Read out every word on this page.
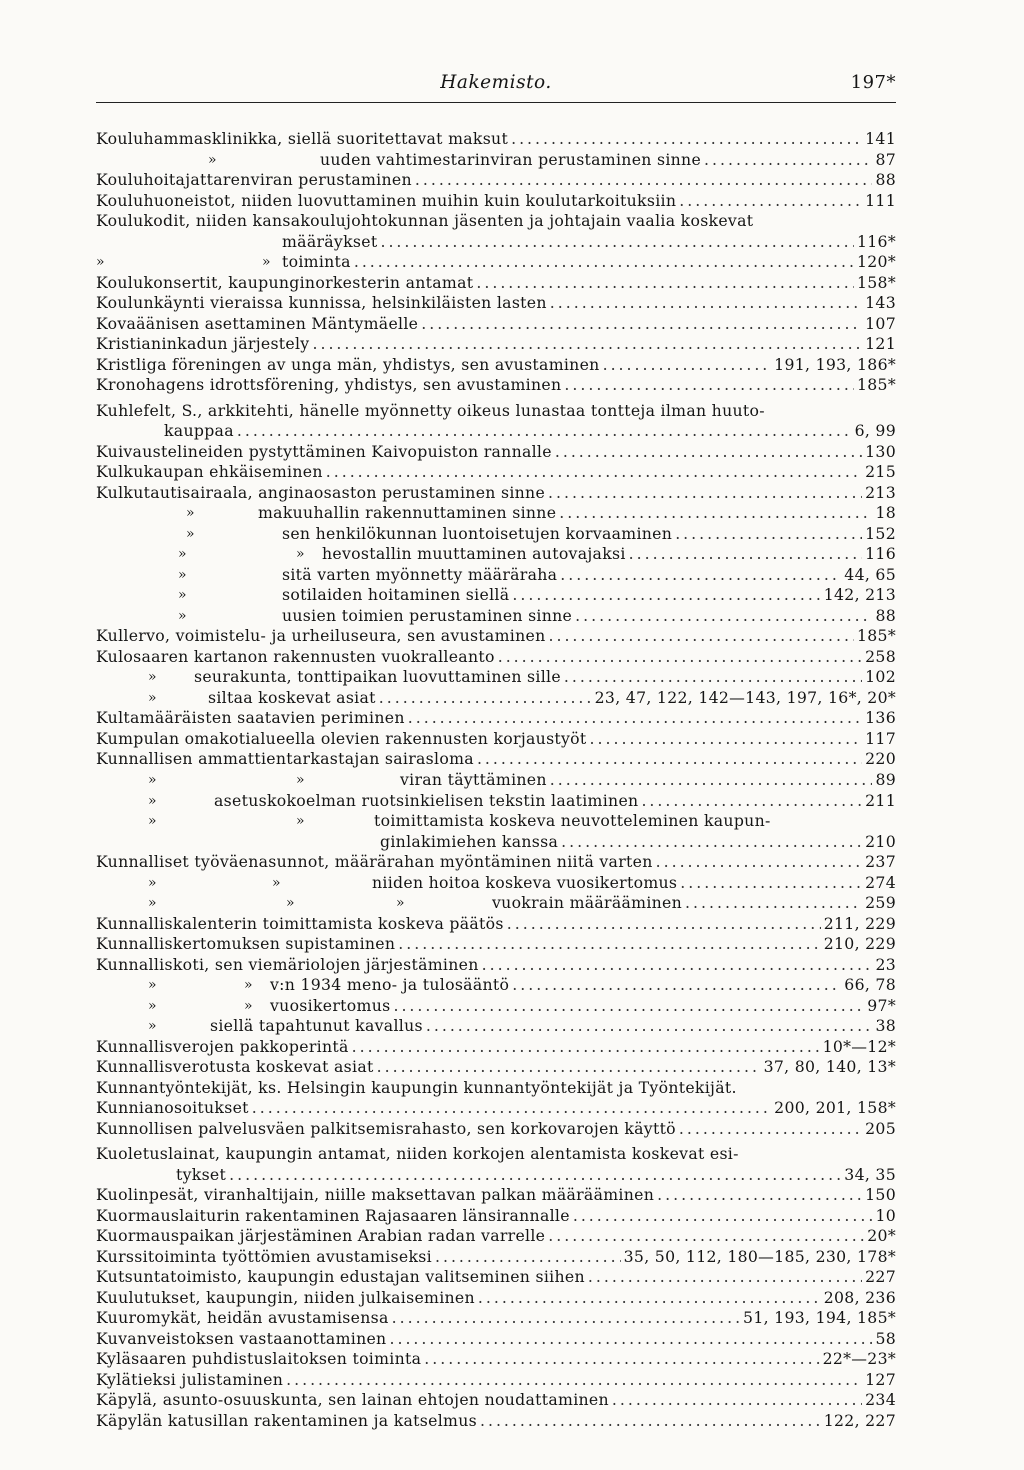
Hakemisto.	197*
Kouluhammasklinikka, siellä suoritettavat maksut .....	141
»	uuden vahtimestarinviran perustaminen sinne .....	87
Kouluhoitajattarenviran perustaminen .....	88
Kouluhuoneistot, niiden luovuttaminen muihin kuin koulutarkoituksiin .....	111
Koulukodit, niiden kansakoulujohtokunnan jäsenten ja johtajain vaalia koskevat
määräykset .....	116*
»	» toiminta .....	120*
Koulukonsertit, kaupunginorkesterin antamat .....	158*
Koulunkäynti vieraissa kunnissa, helsinkiläisten lasten .....	143
Kovaäänisen asettaminen Mäntymäelle .....	107
Kristianinkadun järjestely .....	121
Kristliga föreningen av unga män, yhdistys, sen avustaminen .....	191, 193, 186*
Kronohagens idrottsförening, yhdistys, sen avustaminen .....	185*
Kuhlefelt, S., arkkitehti, hänelle myönnetty oikeus lunastaa tontteja ilman huuto-
kauppaa .....	6, 99
Kuivaustelineiden pystyttäminen Kaivopuiston rannalle .....	130
Kulkukaupan ehkäiseminen .....	215
Kulkutautisairaala, anginaosaston perustaminen sinne .....	213
»	makuuhallin rakennuttaminen sinne .....	18
»	sen henkilökunnan luontoisetujen korvaaminen .....	152
»	» hevostallin muuttaminen autovajaksi .....	116
»	sitä varten myönnetty määräraha .....	44, 65
»	sotilaiden hoitaminen siellä .....	142, 213
»	uusien toimien perustaminen sinne .....	88
Kullervo, voimistelu- ja urheiluseura, sen avustaminen .....	185*
Kulosaaren kartanon rakennusten vuokralleanto .....	258
» seurakunta, tonttipaikan luovuttaminen sille .....	102
»	siltaa koskevat asiat .....	23, 47, 122, 142—143, 197, 16*, 20*
Kultamääräisten saatavien periminen .....	136
Kumpulan omakotialueella olevien rakennusten korjaustyöt .....	117
Kunnallisen ammattientarkastajan sairasloma .....	220
»	»	viran täyttäminen .....	89
»	asetuskokoelman ruotsinkielisen tekstin laatiminen .....	211
»	»	toimittamista koskeva neuvotteleminen kaupun-
ginlakimiehen kanssa .....	210
Kunnalliset työväenasunnot, määrärahan myöntäminen niitä varten .....	237
»	»	niiden hoitoa koskeva vuosikertomus .....	274
»	»	»	vuokrain määrääminen .....	259
Kunnalliskalenterin toimittamista koskeva päätös .....	211, 229
Kunnalliskertomuksen supistaminen .....	210, 229
Kunnalliskoti, sen viemäriolojen järjestäminen .....	23
»	» v:n 1934 meno- ja tulosääntö .....	66, 78
»	» vuosikertomus .....	97*
»	siellä tapahtunut kavallus .....	38
Kunnallisverojen pakkoperintä .....	10*—12*
Kunnallisverotusta koskevat asiat .....	37, 80, 140, 13*
Kunnantyöntekijät, ks. Helsingin kaupungin kunnantyöntekijät ja Työntekijät.
Kunnianosoitukset .....	200, 201, 158*
Kunnollisen palvelusväen palkitsemisrahasto, sen korkovarojen käyttö .....	205
Kuoletuslainat, kaupungin antamat, niiden korkojen alentamista koskevat esi-
tykset .....	34, 35
Kuolinpesät, viranhaltijain, niille maksettavan palkan määrääminen .....	150
Kuormauslaiturin rakentaminen Rajasaaren länsirannalle .....	10
Kuormauspaikan järjestäminen Arabian radan varrelle .....	20*
Kurssitoiminta työttömien avustamiseksi .....	35, 50, 112, 180—185, 230, 178*
Kutsuntatoimisto, kaupungin edustajan valitseminen siihen .....	227
Kuulutukset, kaupungin, niiden julkaiseminen .....	208, 236
Kuuromykät, heidän avustamisensa .....	51, 193, 194, 185*
Kuvanveistoksen vastaanottaminen .....	58
Kyläsaaren puhdistuslaitoksen toiminta .....	22*—23*
Kylätieksi julistaminen .....	127
Käpylä, asunto-osuuskunta, sen lainan ehtojen noudattaminen .....	234
Käpylän katusillan rakentaminen ja katselmus .....	122, 227
